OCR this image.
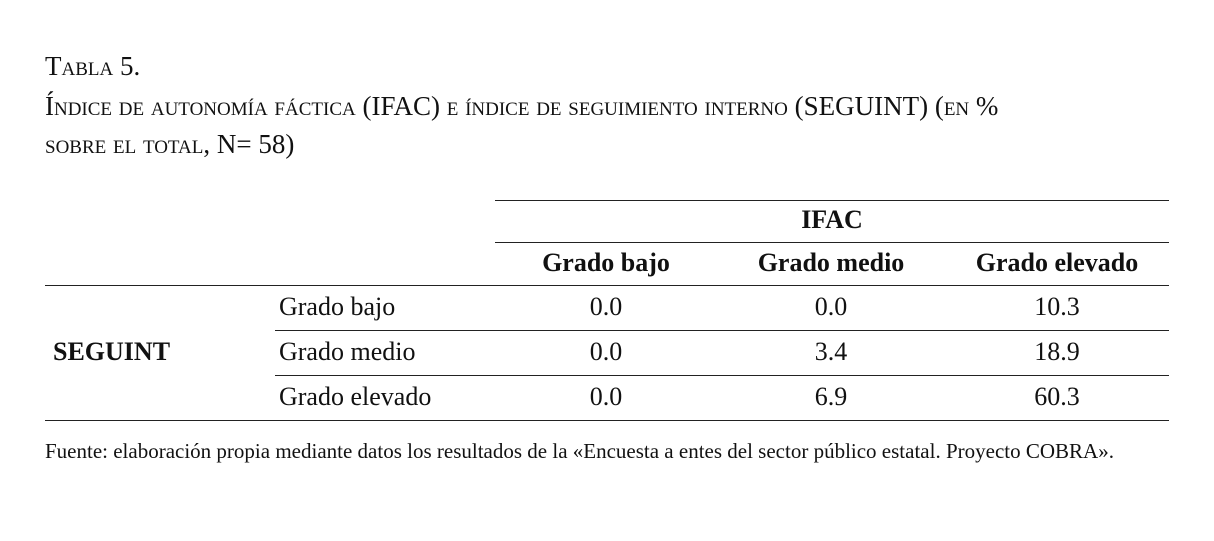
Tabla 5.
Índice de autonomía fáctica (IFAC) e índice de seguimiento interno (SEGUINT) (en %
sobre el total, N= 58)
IFAC
Grado bajo	Grado medio	Grado elevado
SEGUINT
Grado bajo	0.0	0.0	10.3
Grado medio	0.0	3.4	18.9
Grado elevado	0.0	6.9	60.3
Fuente: elaboración propia mediante datos los resultados de la «Encuesta a entes del sector público estatal. Proyecto COBRA».
